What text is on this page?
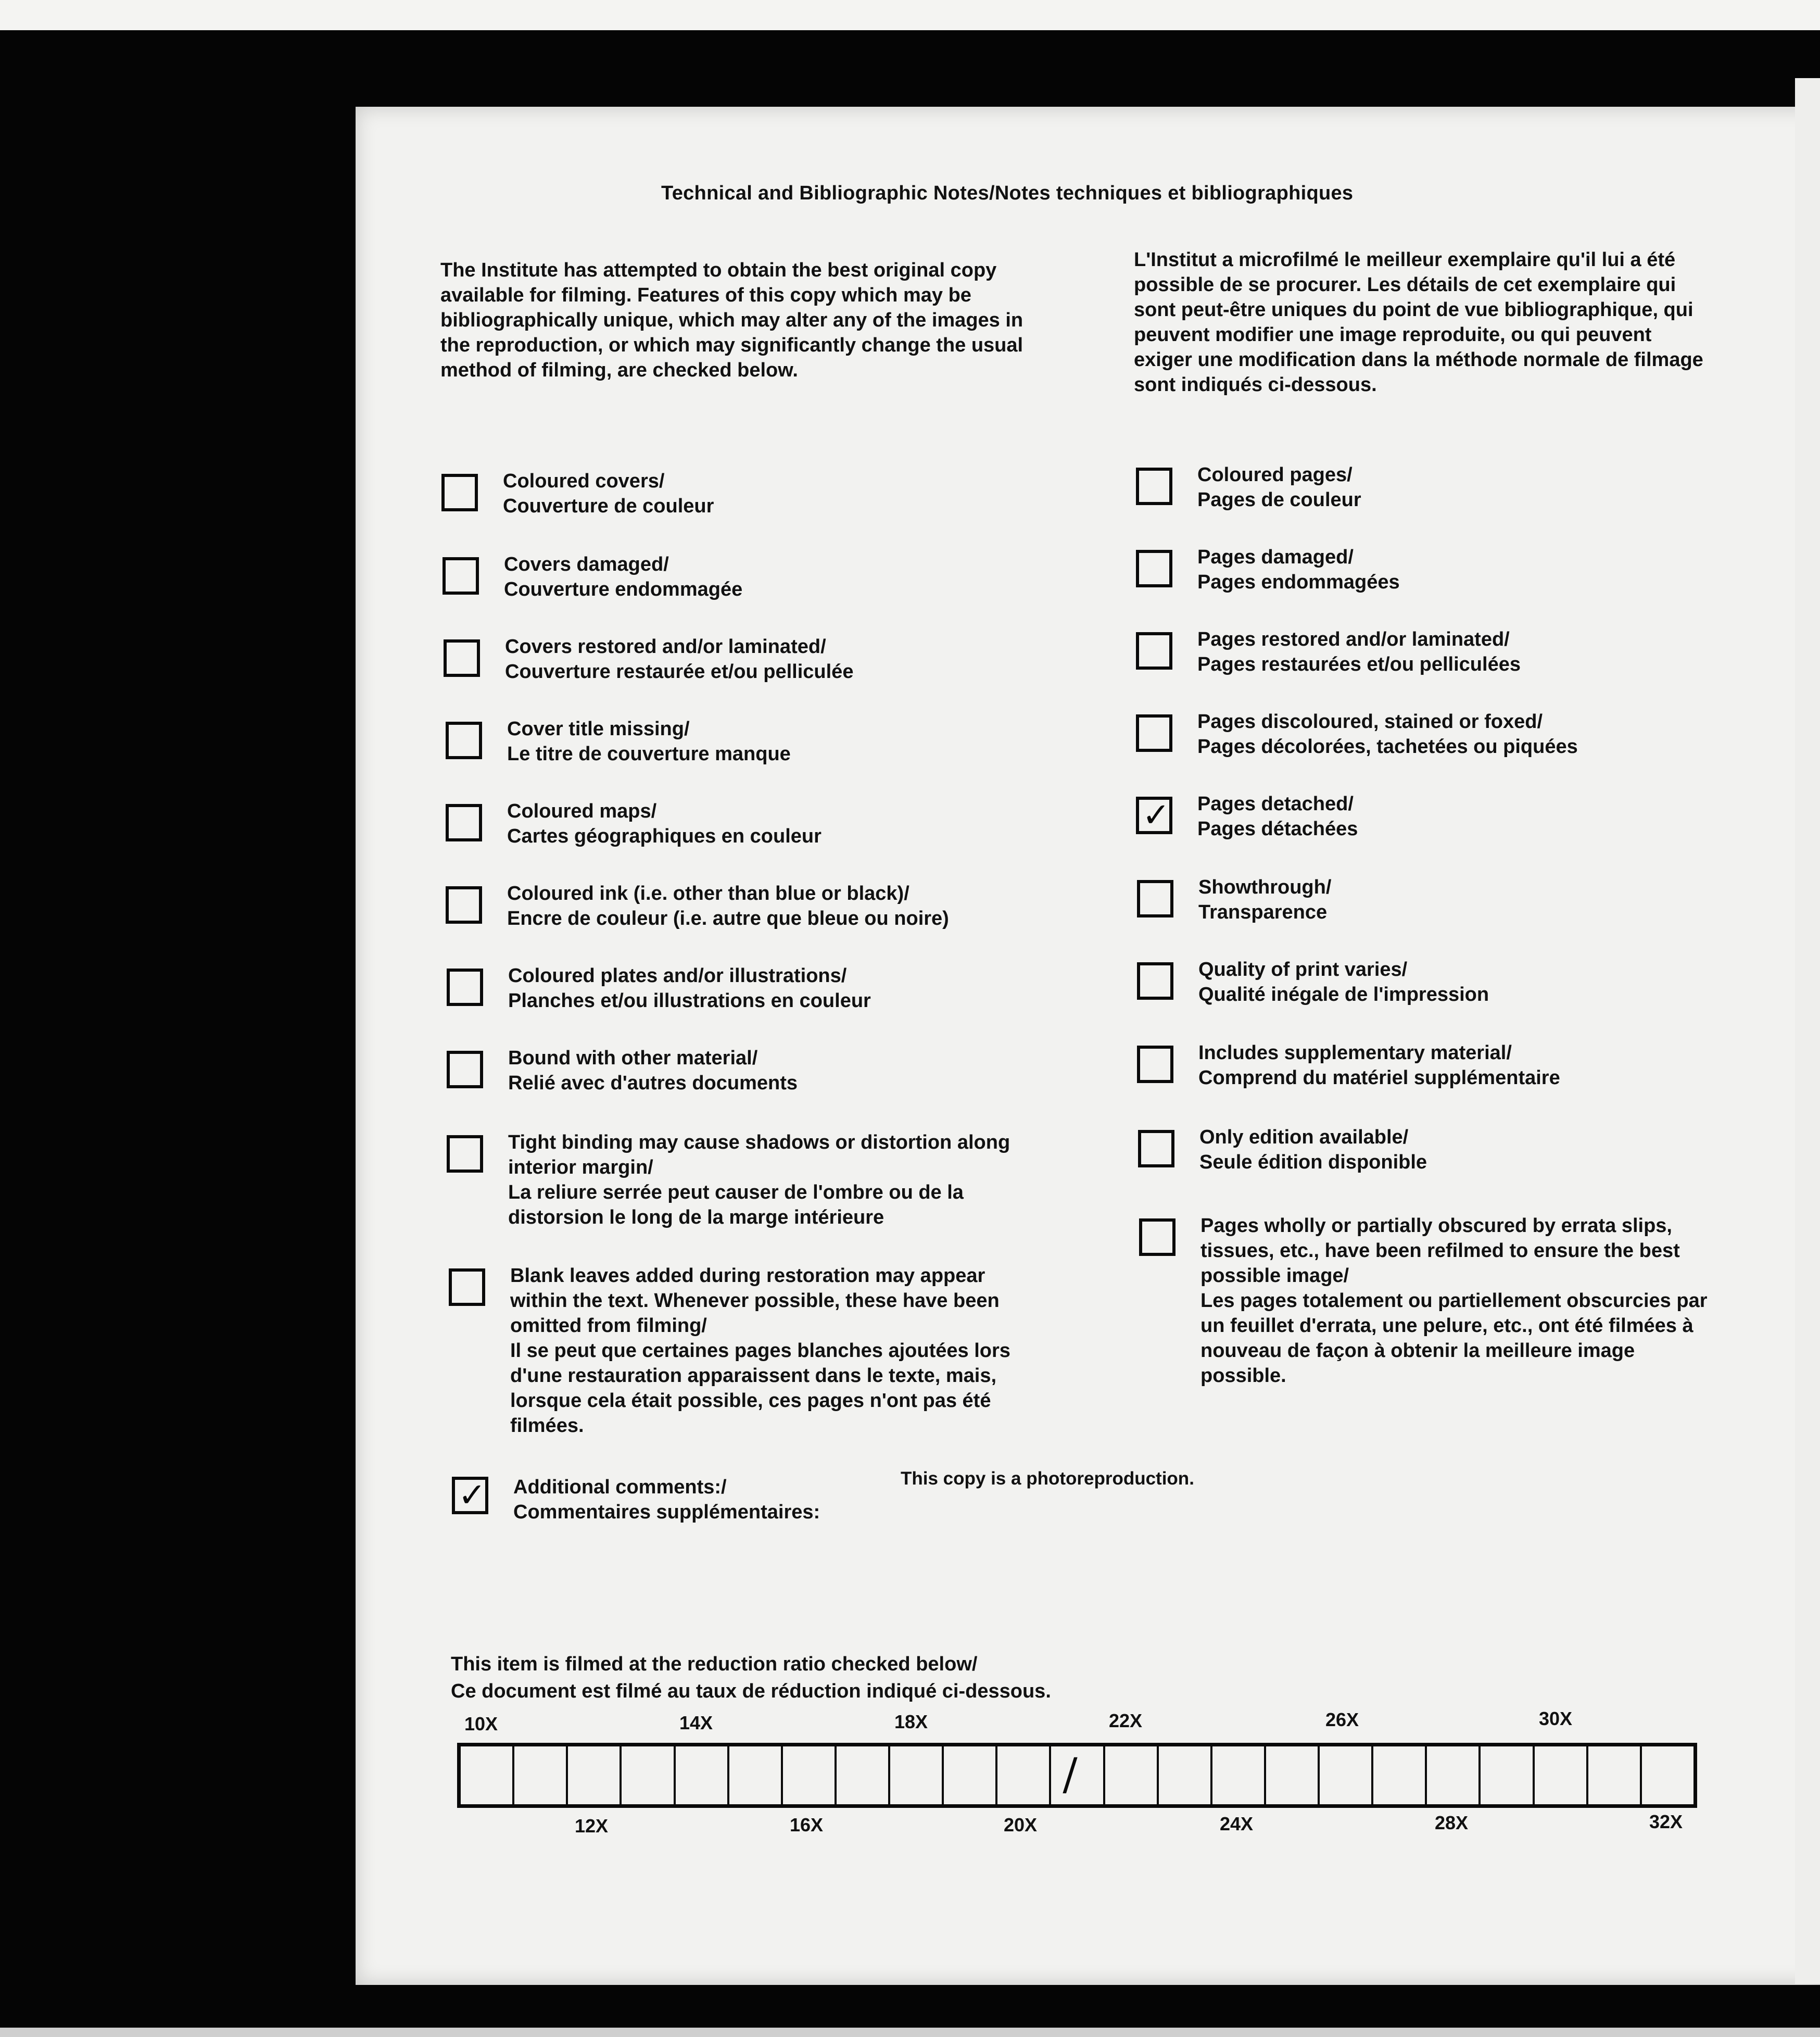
Technical and Bibliographic Notes/Notes techniques et bibliographiques
The Institute has attempted to obtain the best original copy available for filming. Features of this copy which may be bibliographically unique, which may alter any of the images in the reproduction, or which may significantly change the usual method of filming, are checked below.
L'Institut a microfilmé le meilleur exemplaire qu'il lui a été possible de se procurer. Les détails de cet exemplaire qui sont peut-être uniques du point de vue bibliographique, qui peuvent modifier une image reproduite, ou qui peuvent exiger une modification dans la méthode normale de filmage sont indiqués ci-dessous.
Coloured covers/
Couverture de couleur
Covers damaged/
Couverture endommagée
Covers restored and/or laminated/
Couverture restaurée et/ou pelliculée
Cover title missing/
Le titre de couverture manque
Coloured maps/
Cartes géographiques en couleur
Coloured ink (i.e. other than blue or black)/
Encre de couleur (i.e. autre que bleue ou noire)
Coloured plates and/or illustrations/
Planches et/ou illustrations en couleur
Bound with other material/
Relié avec d'autres documents
Tight binding may cause shadows or distortion along interior margin/
La reliure serrée peut causer de l'ombre ou de la distorsion le long de la marge intérieure
Blank leaves added during restoration may appear within the text. Whenever possible, these have been omitted from filming/
Il se peut que certaines pages blanches ajoutées lors d'une restauration apparaissent dans le texte, mais, lorsque cela était possible, ces pages n'ont pas été filmées.
Coloured pages/
Pages de couleur
Pages damaged/
Pages endommagées
Pages restored and/or laminated/
Pages restaurées et/ou pelliculées
Pages discoloured, stained or foxed/
Pages décolorées, tachetées ou piquées
✓ Pages detached/
Pages détachées
Showthrough/
Transparence
Quality of print varies/
Qualité inégale de l'impression
Includes supplementary material/
Comprend du matériel supplémentaire
Only edition available/
Seule édition disponible
Pages wholly or partially obscured by errata slips, tissues, etc., have been refilmed to ensure the best possible image/
Les pages totalement ou partiellement obscurcies par un feuillet d'errata, une pelure, etc., ont été filmées à nouveau de façon à obtenir la meilleure image possible.
✓ Additional comments:/
Commentaires supplémentaires:
This copy is a photoreproduction.
This item is filmed at the reduction ratio checked below/
Ce document est filmé au taux de réduction indiqué ci-dessous.
10X	14X	18X	22X	26X	30X
/
12X	16X	20X	24X	28X	32X
